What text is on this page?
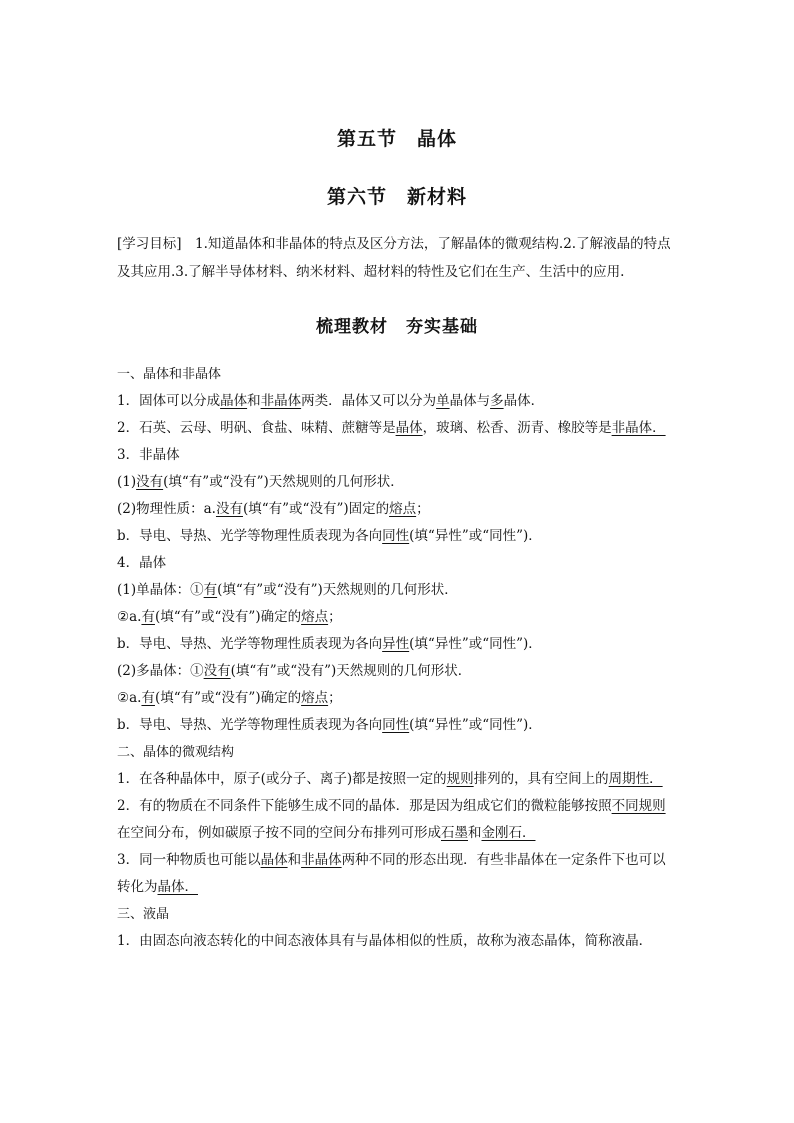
第五节　晶体
第六节　新材料
[学习目标]  1.知道晶体和非晶体的特点及区分方法，了解晶体的微观结构.2.了解液晶的特点及其应用.3.了解半导体材料、纳米材料、超材料的特性及它们在生产、生活中的应用.
梳理教材　夯实基础

一、晶体和非晶体

1．固体可以分成晶体和非晶体两类．晶体又可以分为单晶体与多晶体．

2．石英、云母、明矾、食盐、味精、蔗糖等是晶体，玻璃、松香、沥青、橡胶等是非晶体．

3．非晶体

(1)没有(填“有”或“没有”)天然规则的几何形状．

(2)物理性质：a.没有(填“有”或“没有”)固定的熔点；

b．导电、导热、光学等物理性质表现为各向同性(填“异性”或“同性”)．

4．晶体

(1)单晶体：①有(填“有”或“没有”)天然规则的几何形状．

②a.有(填“有”或“没有”)确定的熔点；

b．导电、导热、光学等物理性质表现为各向异性(填“异性”或“同性”)．

(2)多晶体：①没有(填“有”或“没有”)天然规则的几何形状．

②a.有(填“有”或“没有”)确定的熔点；

b．导电、导热、光学等物理性质表现为各向同性(填“异性”或“同性”)．

二、晶体的微观结构

1．在各种晶体中，原子(或分子、离子)都是按照一定的规则排列的，具有空间上的周期性．

2．有的物质在不同条件下能够生成不同的晶体．那是因为组成它们的微粒能够按照不同规则在空间分布，例如碳原子按不同的空间分布排列可形成石墨和金刚石．

3．同一种物质也可能以晶体和非晶体两种不同的形态出现．有些非晶体在一定条件下也可以转化为晶体．

三、液晶

1．由固态向液态转化的中间态液体具有与晶体相似的性质，故称为液态晶体，简称液晶．
